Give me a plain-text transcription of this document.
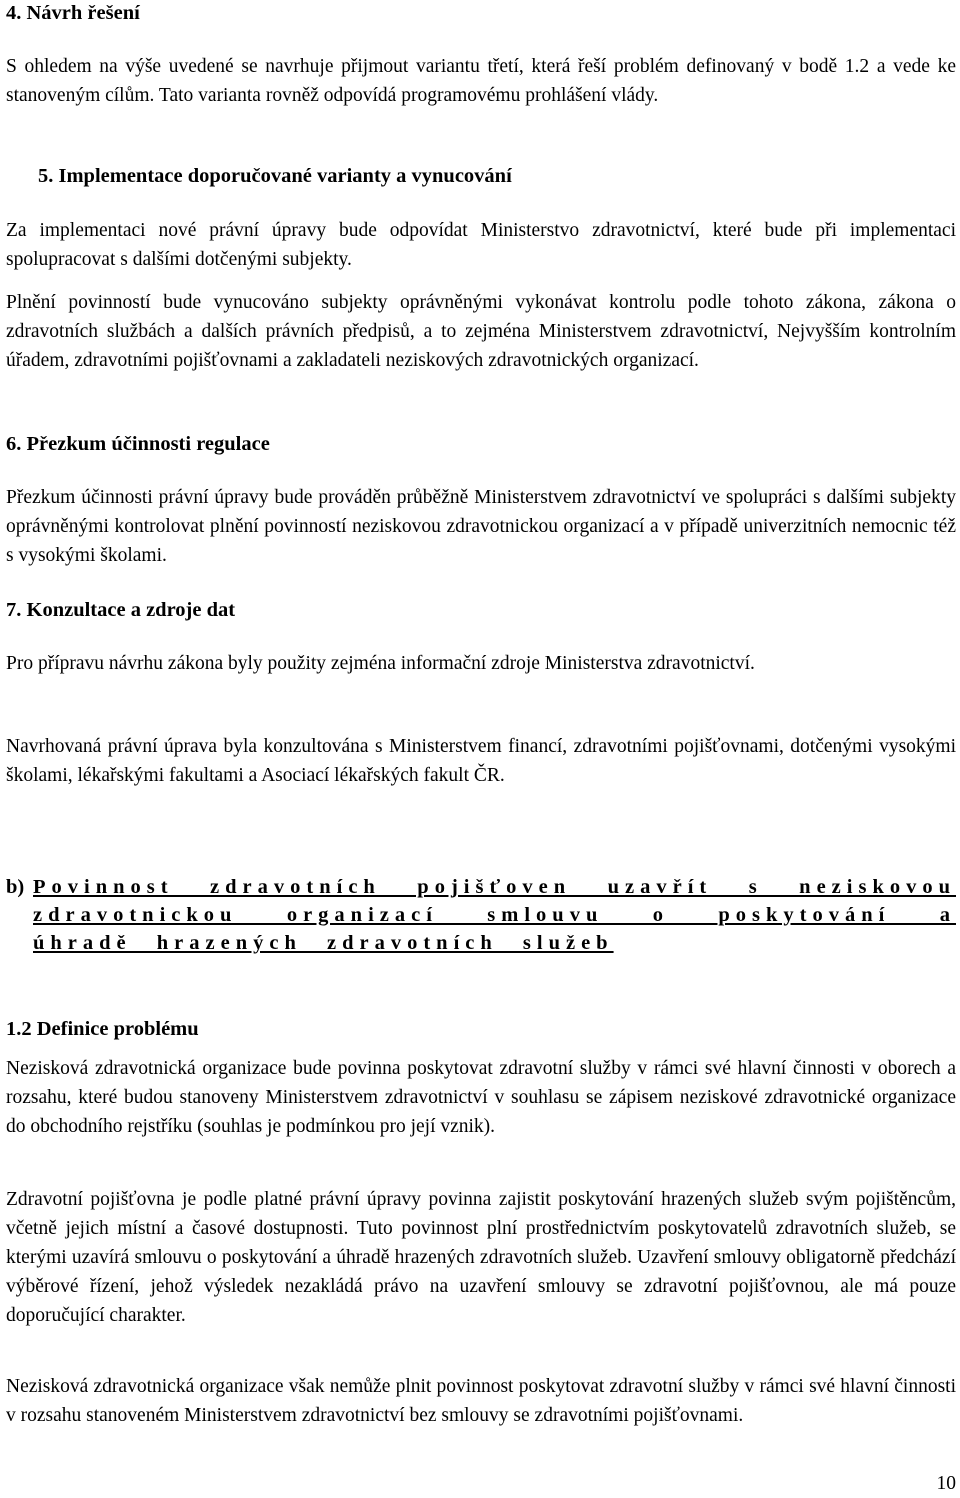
4. Návrh řešení

S ohledem na výše uvedené se navrhuje přijmout variantu třetí, která řeší problém definovaný v bodě 1.2 a vede ke stanoveným cílům. Tato varianta rovněž odpovídá programovému prohlášení vlády.

5. Implementace doporučované varianty a vynucování

Za implementaci nové právní úpravy bude odpovídat Ministerstvo zdravotnictví, které bude při implementaci spolupracovat s dalšími dotčenými subjekty.

Plnění povinností bude vynucováno subjekty oprávněnými vykonávat kontrolu podle tohoto zákona, zákona o zdravotních službách a dalších právních předpisů, a to zejména Ministerstvem zdravotnictví, Nejvyšším kontrolním úřadem, zdravotními pojišťovnami a zakladateli neziskových zdravotnických organizací.

6. Přezkum účinnosti regulace

Přezkum účinnosti právní úpravy bude prováděn průběžně Ministerstvem zdravotnictví ve spolupráci s dalšími subjekty oprávněnými kontrolovat plnění povinností neziskovou zdravotnickou organizací a v případě univerzitních nemocnic též s vysokými školami.

7. Konzultace a zdroje dat

Pro přípravu návrhu zákona byly použity zejména informační zdroje Ministerstva zdravotnictví.

Navrhovaná právní úprava byla konzultována s Ministerstvem financí, zdravotními pojišťovnami, dotčenými vysokými školami, lékařskými fakultami a Asociací lékařských fakult ČR.

b) Povinnost zdravotních pojišťoven uzavřít s neziskovou zdravotnickou organizací smlouvu o poskytování a úhradě hrazených zdravotních služeb
1.2 Definice problému

Nezisková zdravotnická organizace bude povinna poskytovat zdravotní služby v rámci své hlavní činnosti v oborech a rozsahu, které budou stanoveny Ministerstvem zdravotnictví v souhlasu se zápisem neziskové zdravotnické organizace do obchodního rejstříku (souhlas je podmínkou pro její vznik).

Zdravotní pojišťovna je podle platné právní úpravy povinna zajistit poskytování hrazených služeb svým pojištěncům, včetně jejich místní a časové dostupnosti. Tuto povinnost plní prostřednictvím poskytovatelů zdravotních služeb, se kterými uzavírá smlouvu o poskytování a úhradě hrazených zdravotních služeb. Uzavření smlouvy obligatorně předchází výběrové řízení, jehož výsledek nezakládá právo na uzavření smlouvy se zdravotní pojišťovnou, ale má pouze doporučující charakter.

Nezisková zdravotnická organizace však nemůže plnit povinnost poskytovat zdravotní služby v rámci své hlavní činnosti v rozsahu stanoveném Ministerstvem zdravotnictví bez smlouvy se zdravotními pojišťovnami.

10
